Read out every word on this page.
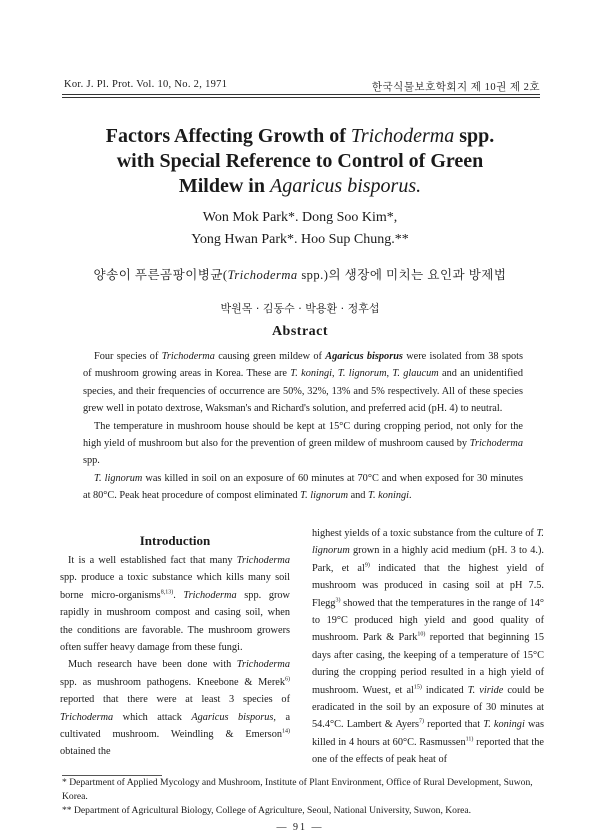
Kor. J. Pl. Prot. Vol. 10, No. 2, 1971	한국식물보호학회지 제 10권 제 2호
Factors Affecting Growth of Trichoderma spp.
with Special Reference to Control of Green
Mildew in Agaricus bisporus.
Won Mok Park*. Dong Soo Kim*,
Yong Hwan Park*. Hoo Sup Chung.**
양송이 푸른곰팡이병균(Trichoderma spp.)의 생장에 미치는 요인과 방제법
박원목 · 김동수 · 박용환 · 정후섭
Abstract

Four species of Trichoderma causing green mildew of Agaricus bisporus were isolated from 38 spots of mushroom growing areas in Korea. These are T. koningi, T. lignorum, T. glaucum and an unidentified species, and their frequencies of occurrence are 50%, 32%, 13% and 5% respectively. All of these species grew well in potato dextrose, Waksman's and Richard's solution, and preferred acid (pH. 4) to neutral.

The temperature in mushroom house should be kept at 15°C during cropping period, not only for the high yield of mushroom but also for the prevention of green mildew of mushroom caused by Trichoderma spp.

T. lignorum was killed in soil on an exposure of 60 minutes at 70°C and when exposed for 30 minutes at 80°C. Peak heat procedure of compost eliminated T. lignorum and T. koningi.

Introduction

It is a well established fact that many Trichoderma spp. produce a toxic substance which kills many soil borne micro-organisms$^{8,13)}$. Trichoderma spp. grow rapidly in mushroom compost and casing soil, when the conditions are favorable. The mushroom growers often suffer heavy damage from these fungi.

Much research have been done with Trichoderma spp. as mushroom pathogens. Kneebone & Merek$^{6)}$ reported that there were at least 3 species of Trichoderma which attack Agaricus bisporus, a cultivated mushroom. Weindling & Emerson$^{14)}$ obtained the

highest yields of a toxic substance from the culture of T. lignorum grown in a highly acid medium (pH. 3 to 4.). Park, et $al^{9)}$ indicated that the highest yield of mushroom was produced in casing soil at pH 7.5. Flegg$^{3)}$ showed that the temperatures in the range of 14° to 19°C produced high yield and good quality of mushroom. Park & Park$^{10)}$ reported that beginning 15 days after casing, the keeping of a temperature of 15°C during the cropping period resulted in a high yield of mushroom. Wuest, et $al^{15)}$ indicated T. viride could be eradicated in the soil by an exposure of 30 minutes at 54.4°C. Lambert & Ayers$^{7)}$ reported that T. koningi was killed in 4 hours at 60°C. Rasmussen$^{11)}$ reported that the one of the effects of peak heat of

* Department of Applied Mycology and Mushroom, Institute of Plant Environment, Office of Rural Development, Suwon, Korea.

** Department of Agricultural Biology, College of Agriculture, Seoul, National University, Suwon, Korea.

— 91 —
